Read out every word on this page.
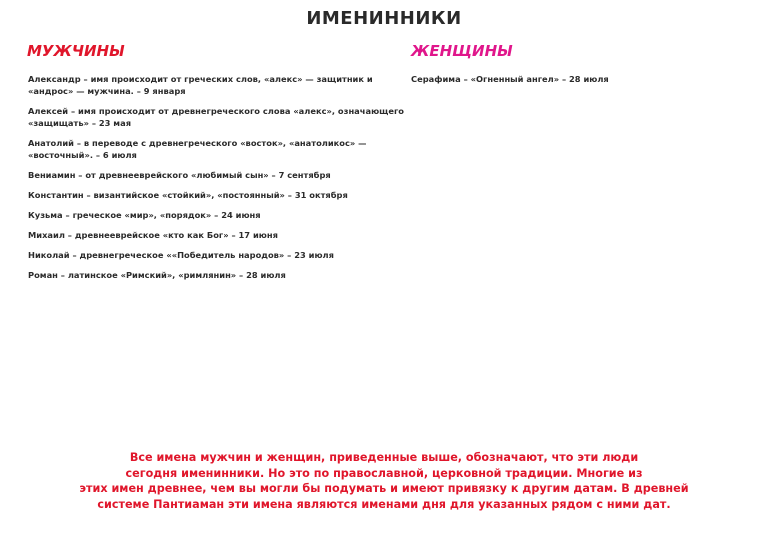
ИМЕНИННИКИ
МУЖЧИНЫ	ЖЕНЩИНЫ
Александр – имя происходит от греческих слов, «алекс» — защитник и «андрос» — мужчина. – 9 января
Алексей – имя происходит от древнегреческого слова «алекс», означающего «защищать» – 23 мая
Анатолий – в переводе с древнегреческого «восток», «анатоликос» — «восточный». – 6 июля
Вениамин – от древнееврейского «любимый сын» – 7 сентября
Константин – византийское «стойкий», «постоянный» – 31 октября
Кузьма – греческое «мир», «порядок» – 24 июня
Михаил – древнееврейское «кто как Бог» – 17 июня
Николай – древнегреческое ««Победитель народов» – 23 июля
Роман – латинское «Римский», «римлянин» – 28 июля
Серафима – «Огненный ангел» – 28 июля
Все имена мужчин и женщин, приведенные выше, обозначают, что эти люди
сегодня именинники. Но это по православной, церковной традиции. Многие из
этих имен древнее, чем вы могли бы подумать и имеют привязку к другим датам. В древней
системе Пантиаман эти имена являются именами дня для указанных рядом с ними дат.
